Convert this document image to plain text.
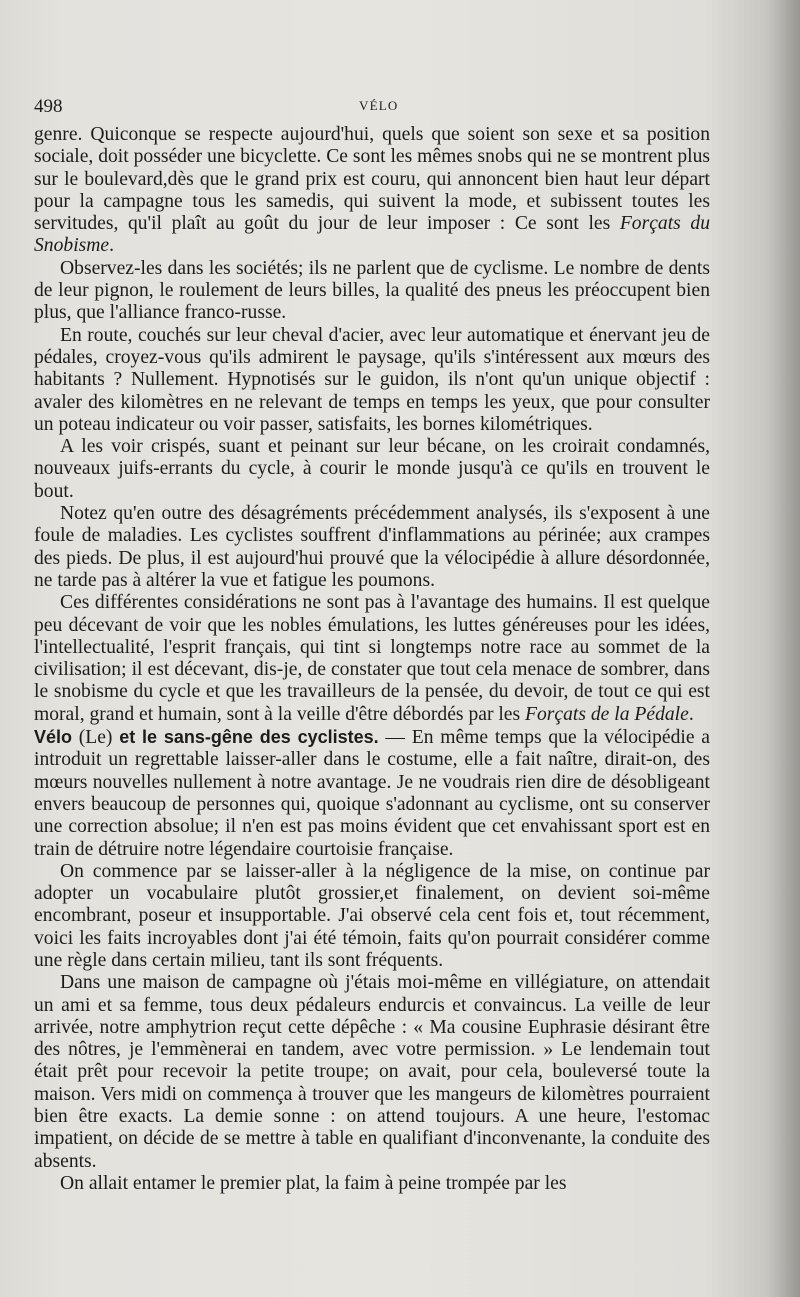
498	VÉLO

genre. Quiconque se respecte aujourd'hui, quels que soient son sexe et sa position sociale, doit posséder une bicyclette. Ce sont les mêmes snobs qui ne se montrent plus sur le boulevard,dès que le grand prix est couru, qui annoncent bien haut leur départ pour la campagne tous les samedis, qui suivent la mode, et subissent toutes les servitudes, qu'il plaît au goût du jour de leur imposer : Ce sont les Forçats du Snobisme.

Observez-les dans les sociétés; ils ne parlent que de cyclisme. Le nombre de dents de leur pignon, le roulement de leurs billes, la qualité des pneus les préoccupent bien plus, que l'alliance franco-russe.

En route, couchés sur leur cheval d'acier, avec leur automatique et énervant jeu de pédales, croyez-vous qu'ils admirent le paysage, qu'ils s'intéressent aux mœurs des habitants ? Nullement. Hypnotisés sur le guidon, ils n'ont qu'un unique objectif : avaler des kilomètres en ne relevant de temps en temps les yeux, que pour consulter un poteau indicateur ou voir passer, satisfaits, les bornes kilométriques.

A les voir crispés, suant et peinant sur leur bécane, on les croirait condamnés, nouveaux juifs-errants du cycle, à courir le monde jusqu'à ce qu'ils en trouvent le bout.

Notez qu'en outre des désagréments précédemment analysés, ils s'exposent à une foule de maladies. Les cyclistes souffrent d'inflammations au périnée; aux crampes des pieds. De plus, il est aujourd'hui prouvé que la vélocipédie à allure désordonnée, ne tarde pas à altérer la vue et fatigue les poumons.

Ces différentes considérations ne sont pas à l'avantage des humains. Il est quelque peu décevant de voir que les nobles émulations, les luttes généreuses pour les idées, l'intellectualité, l'esprit français, qui tint si longtemps notre race au sommet de la civilisation; il est décevant, dis-je, de constater que tout cela menace de sombrer, dans le snobisme du cycle et que les travailleurs de la pensée, du devoir, de tout ce qui est moral, grand et humain, sont à la veille d'être débordés par les Forçats de la Pédale.

Vélo (Le) et le sans-gêne des cyclistes. — En même temps que la vélocipédie a introduit un regrettable laisser-aller dans le costume, elle a fait naître, dirait-on, des mœurs nouvelles nullement à notre avantage. Je ne voudrais rien dire de désobligeant envers beaucoup de personnes qui, quoique s'adonnant au cyclisme, ont su conserver une correction absolue; il n'en est pas moins évident que cet envahissant sport est en train de détruire notre légendaire courtoisie française.

On commence par se laisser-aller à la négligence de la mise, on continue par adopter un vocabulaire plutôt grossier,et finalement, on devient soi-même encombrant, poseur et insupportable. J'ai observé cela cent fois et, tout récemment, voici les faits incroyables dont j'ai été témoin, faits qu'on pourrait considérer comme une règle dans certain milieu, tant ils sont fréquents.

Dans une maison de campagne où j'étais moi-même en villégiature, on attendait un ami et sa femme, tous deux pédaleurs endurcis et convaincus. La veille de leur arrivée, notre amphytrion reçut cette dépêche : « Ma cousine Euphrasie désirant être des nôtres, je l'emmènerai en tandem, avec votre permission. » Le lendemain tout était prêt pour recevoir la petite troupe; on avait, pour cela, bouleversé toute la maison. Vers midi on commença à trouver que les mangeurs de kilomètres pourraient bien être exacts. La demie sonne : on attend toujours. A une heure, l'estomac impatient, on décide de se mettre à table en qualifiant d'inconvenante, la conduite des absents.

On allait entamer le premier plat, la faim à peine trompée par les
